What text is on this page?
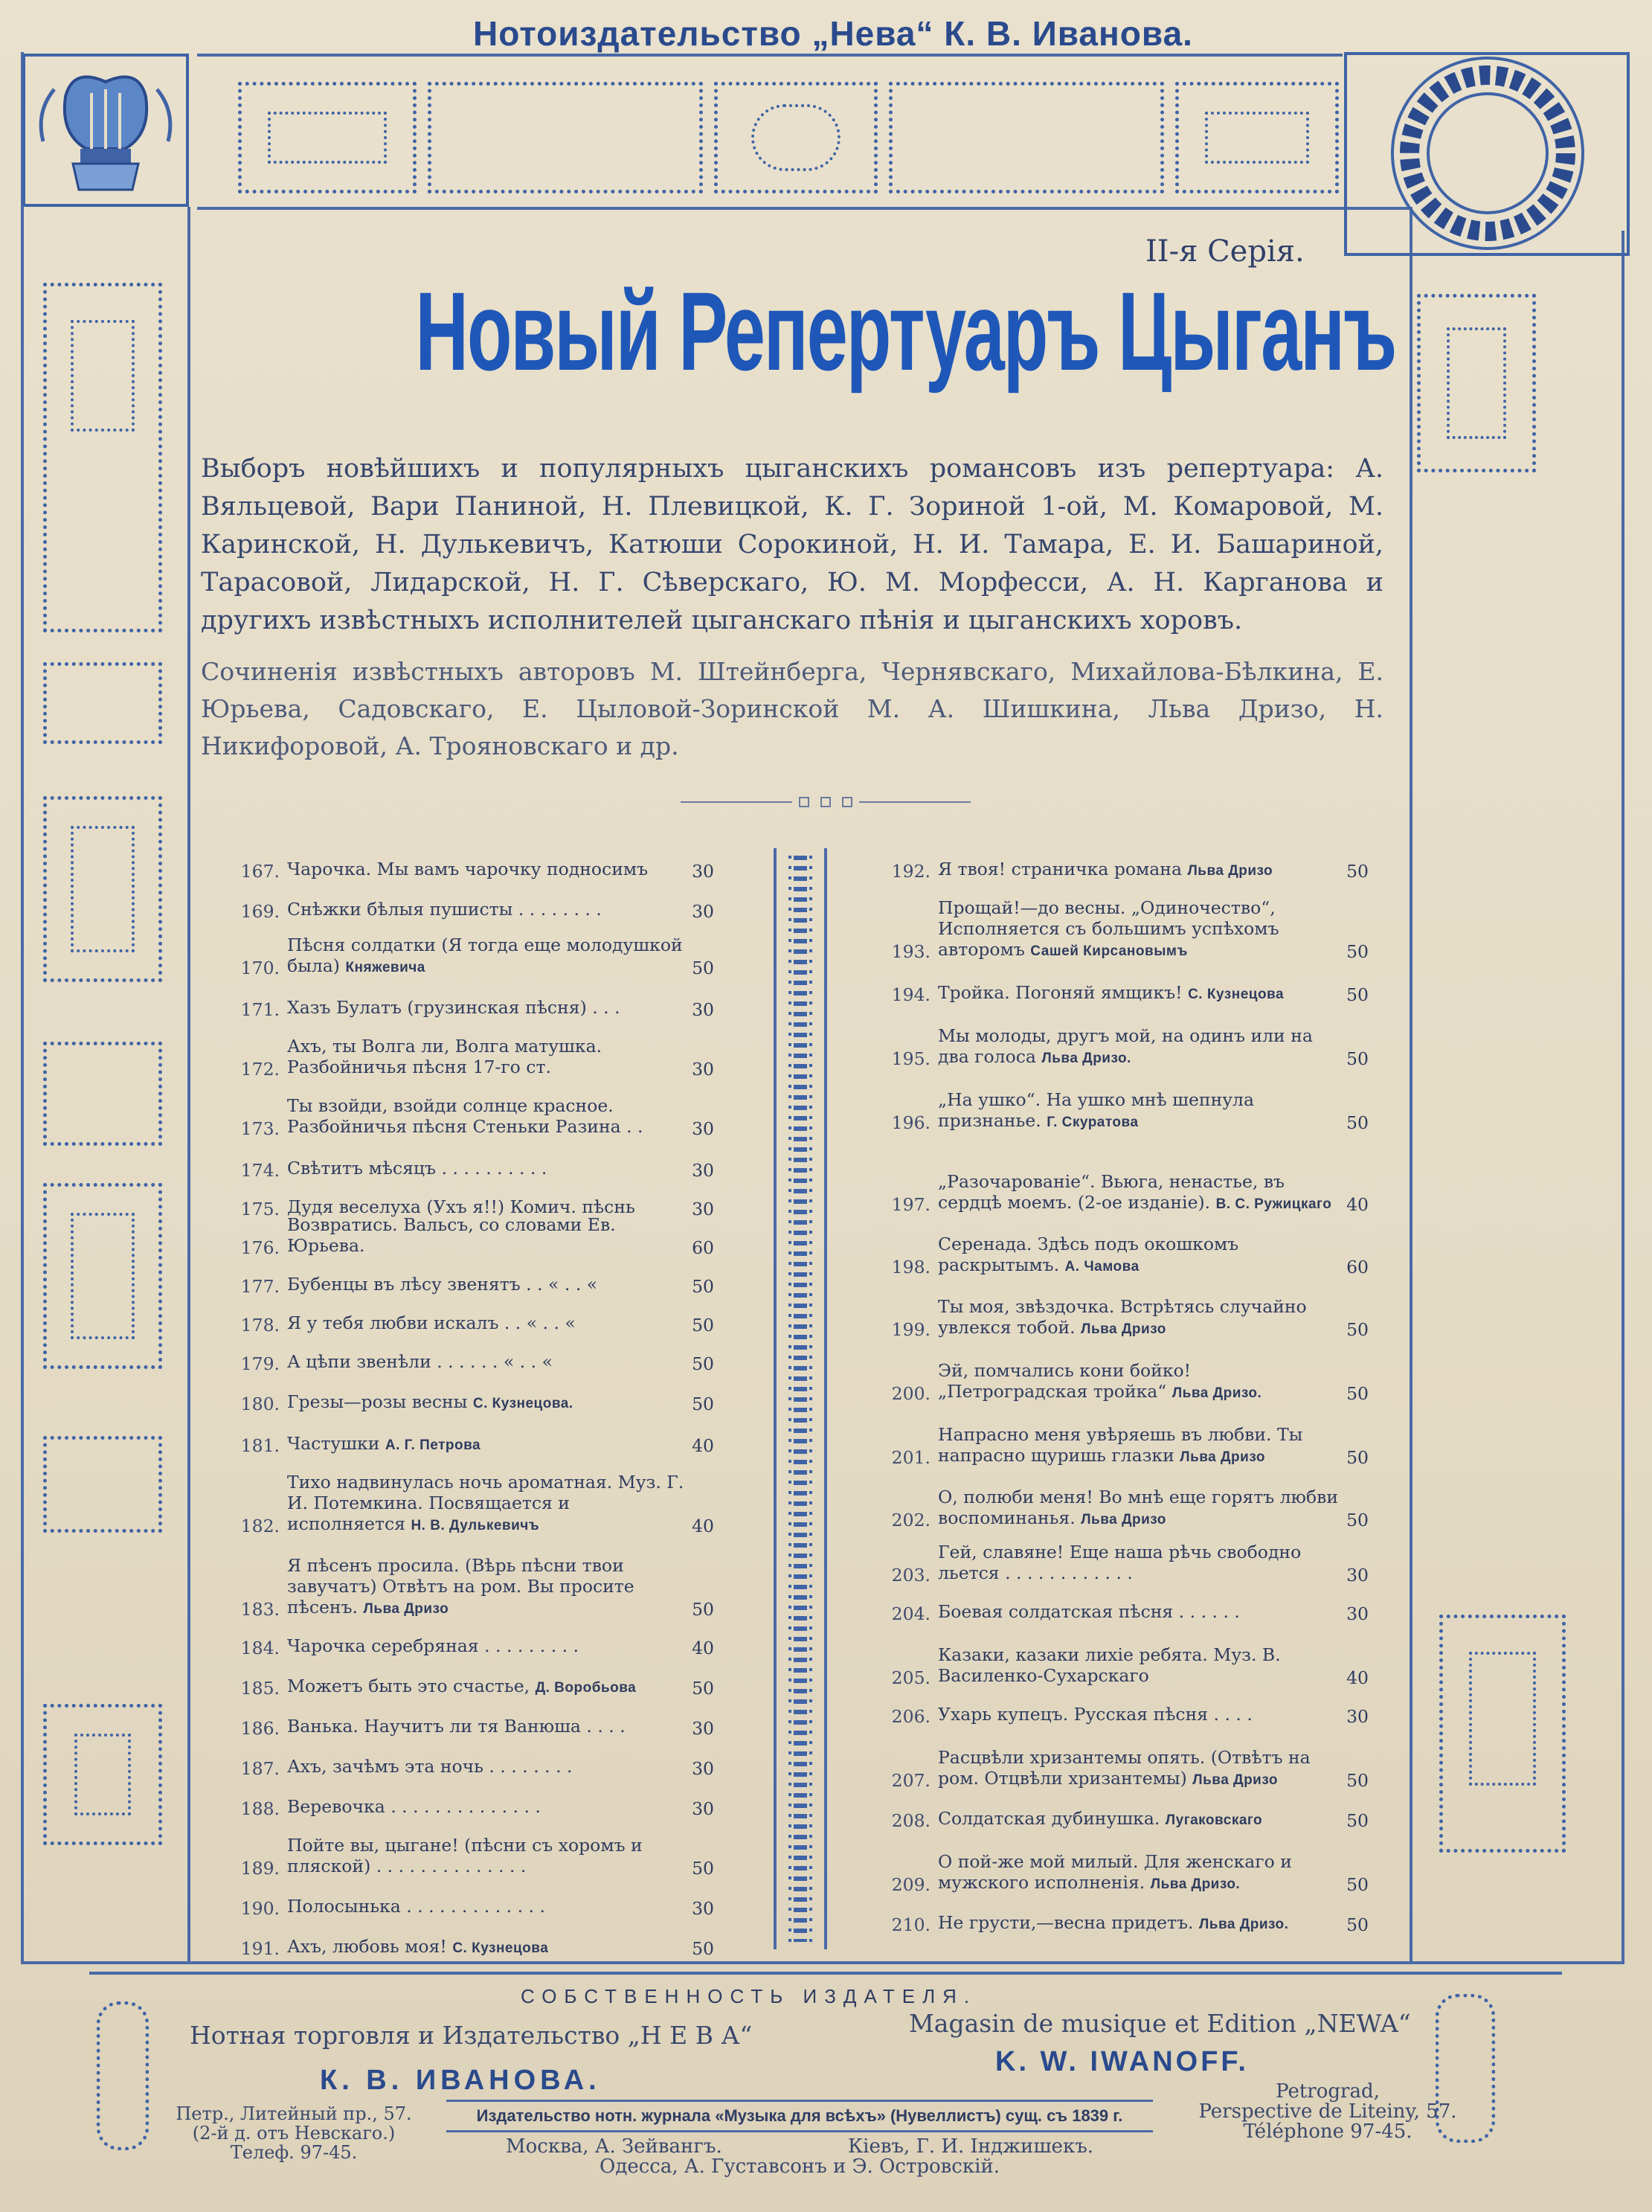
Нотоиздательство „Нева“ К. В. Иванова.
II-я Серія.
Новый Репертуаръ Цыганъ
Выборъ новѣйшихъ и популярныхъ цыганскихъ романсовъ изъ репертуара: А. Вяльцевой, Вари Паниной, Н. Плевицкой, К. Г. Зориной 1-ой, М. Комаровой, М. Каринской, Н. Дулькевичъ, Катюши Сорокиной, Н. И. Тамара, Е. И. Башариной, Тарасовой, Лидарской, Н. Г. Сѣверскаго, Ю. М. Морфесси, А. Н. Карганова и другихъ извѣстныхъ исполнителей цыганскаго пѣнія и цыганскихъ хоровъ.
Сочиненія извѣстныхъ авторовъ М. Штейнберга, Чернявскаго, Михайлова-Бѣлкина, Е. Юрьева, Садовскаго, Е. Цыловой-Зоринской М. А. Шишкина, Льва Дризо, Н. Никифоровой, А. Трояновскаго и др.
167. Чарочка. Мы вамъ чарочку подносимъ	30
169. Снѣжки бѣлыя пушисты . . . . . . . .	30
170.
Пѣсня солдатки (Я тогда еще молодушкой была) Княжевича	50
171. Хазъ Булатъ (грузинская пѣсня) . . .	30
172.
Ахъ, ты Волга ли, Волга матушка. Разбойничья пѣсня 17-го ст.	30
173.
Ты взойди, взойди солнце красное. Разбойничья пѣсня Стеньки Разина . .	30
174. Свѣтитъ мѣсяцъ . . . . . . . . . .	30
175. Дудя веселуха (Ухъ я!!) Комич. пѣснь	30
176.
Возвратись. Вальсъ, со словами Ев. Юрьева.	60
177. Бубенцы въ лѣсу звенятъ . . « . . «	50
178. Я у тебя любви искалъ . . « . . «	50
179. А цѣпи звенѣли . . . . . . « . . «	50
180. Грезы—розы весны С. Кузнецова.	50
181. Частушки А. Г. Петрова	40
182.
Тихо надвинулась ночь ароматная. Муз. Г. И. Потемкина. Посвящается и исполняется Н. В. Дулькевичъ	40
183.
Я пѣсенъ просила. (Вѣрь пѣсни твои завучатъ) Отвѣтъ на ром. Вы просите пѣсенъ. Льва Дризо	50
184. Чарочка серебряная . . . . . . . . .	40
185. Можетъ быть это счастье, Д. Воробьова	50
186. Ванька. Научитъ ли тя Ванюша . . . .	30
187. Ахъ, зачѣмъ эта ночь . . . . . . . .	30
188. Веревочка . . . . . . . . . . . . . .	30
189.
Пойте вы, цыгане! (пѣсни съ хоромъ и пляской) . . . . . . . . . . . . . .	50
190. Полосынька . . . . . . . . . . . . .	30
191. Ахъ, любовь моя! С. Кузнецова	50
192. Я твоя! страничка романа Льва Дризо	50
193.
Прощай!—до весны. „Одиночество“, Исполняется съ большимъ успѣхомъ авторомъ Сашей Кирсановымъ	50
194. Тройка. Погоняй ямщикъ! С. Кузнецова	50
195.
Мы молоды, другъ мой, на одинъ или на два голоса Льва Дризо.	50
196.
„На ушко“. На ушко мнѣ шепнула признанье. Г. Скуратова	50
197.
„Разочарованіе“. Вьюга, ненастье, въ сердцѣ моемъ. (2-ое изданіе). В. С. Ружицкаго 40
198.
Серенада. Здѣсь подъ окошкомъ раскрытымъ. А. Чамова	60
199.
Ты моя, звѣздочка. Встрѣтясь случайно увлекся тобой. Льва Дризо	50
200.
Эй, помчались кони бойко! „Петроградская тройка“ Льва Дризо.	50
201.
Напрасно меня увѣряешь въ любви. Ты напрасно щуришь глазки Льва Дризо	50
202.
О, полюби меня! Во мнѣ еще горятъ любви воспоминанья. Льва Дризо	50
203.
Гей, славяне! Еще наша рѣчь свободно льется . . . . . . . . . . . .	30
204. Боевая солдатская пѣсня . . . . . .	30
205.
Казаки, казаки лихіе ребята. Муз. В. Василенко-Сухарскаго	40
206. Ухарь купецъ. Русская пѣсня . . . .	30
207.
Расцвѣли хризантемы опять. (Отвѣтъ на ром. Отцвѣли хризантемы) Льва Дризо	50
208. Солдатская дубинушка. Лугаковскаго	50
209.
О пой-же мой милый. Для женскаго и мужского исполненія. Льва Дризо.	50
210. Не грусти,—весна придетъ. Льва Дризо.	50
СОБСТВЕННОСТЬ ИЗДАТЕЛЯ.
Нотная торговля и Издательство „Н Е В А“	Magasin de musique et Edition „NEWA“
К. В. ИВАНОВА.
K. W. IWANOFF.
Петр., Литейный пр., 57.
(2-й д. отъ Невскаго.)
Телеф. 97-45.
Petrograd,
Perspective de Liteiny, 57.
Téléphone 97-45.
Издательство нотн. журнала «Музыка для всѣхъ» (Нувеллистъ) сущ. съ 1839 г.
Москва, А. Зейвангъ.	Кіевъ, Г. И. Iнджишекъ.
Одесса, А. Густавсонъ и Э. Островскій.
